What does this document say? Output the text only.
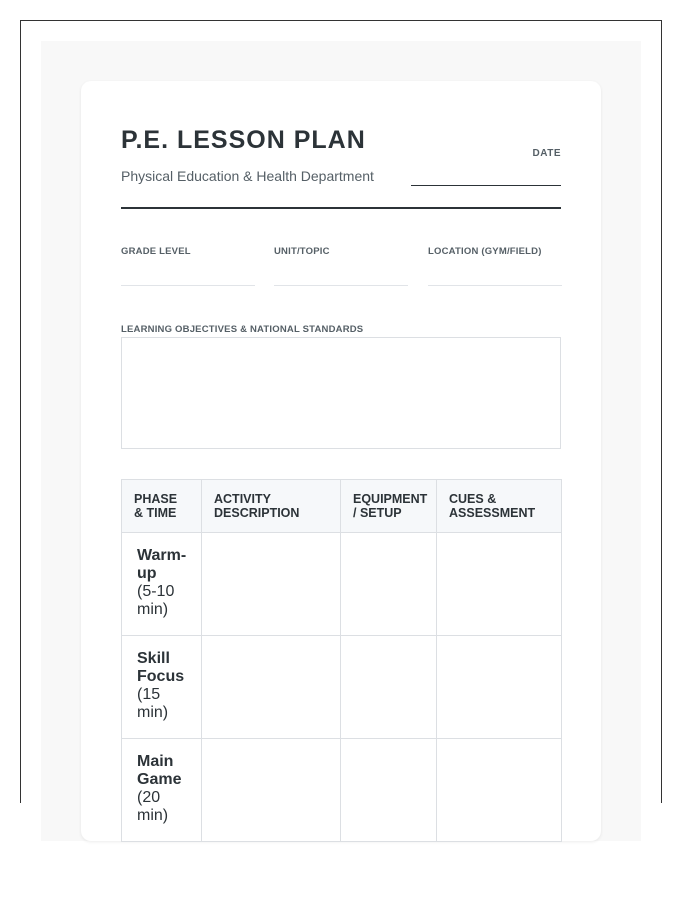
P.E. LESSON PLAN
Physical Education & Health Department
DATE
GRADE LEVEL	UNIT/TOPIC	LOCATION (GYM/FIELD)
LEARNING OBJECTIVES & NATIONAL STANDARDS
PHASE & TIME	ACTIVITY DESCRIPTION	EQUIPMENT / SETUP	CUES & ASSESSMENT

Warm-up
(5-10 min)			

Skill Focus
(15 min)			

Main Game
(20 min)			
